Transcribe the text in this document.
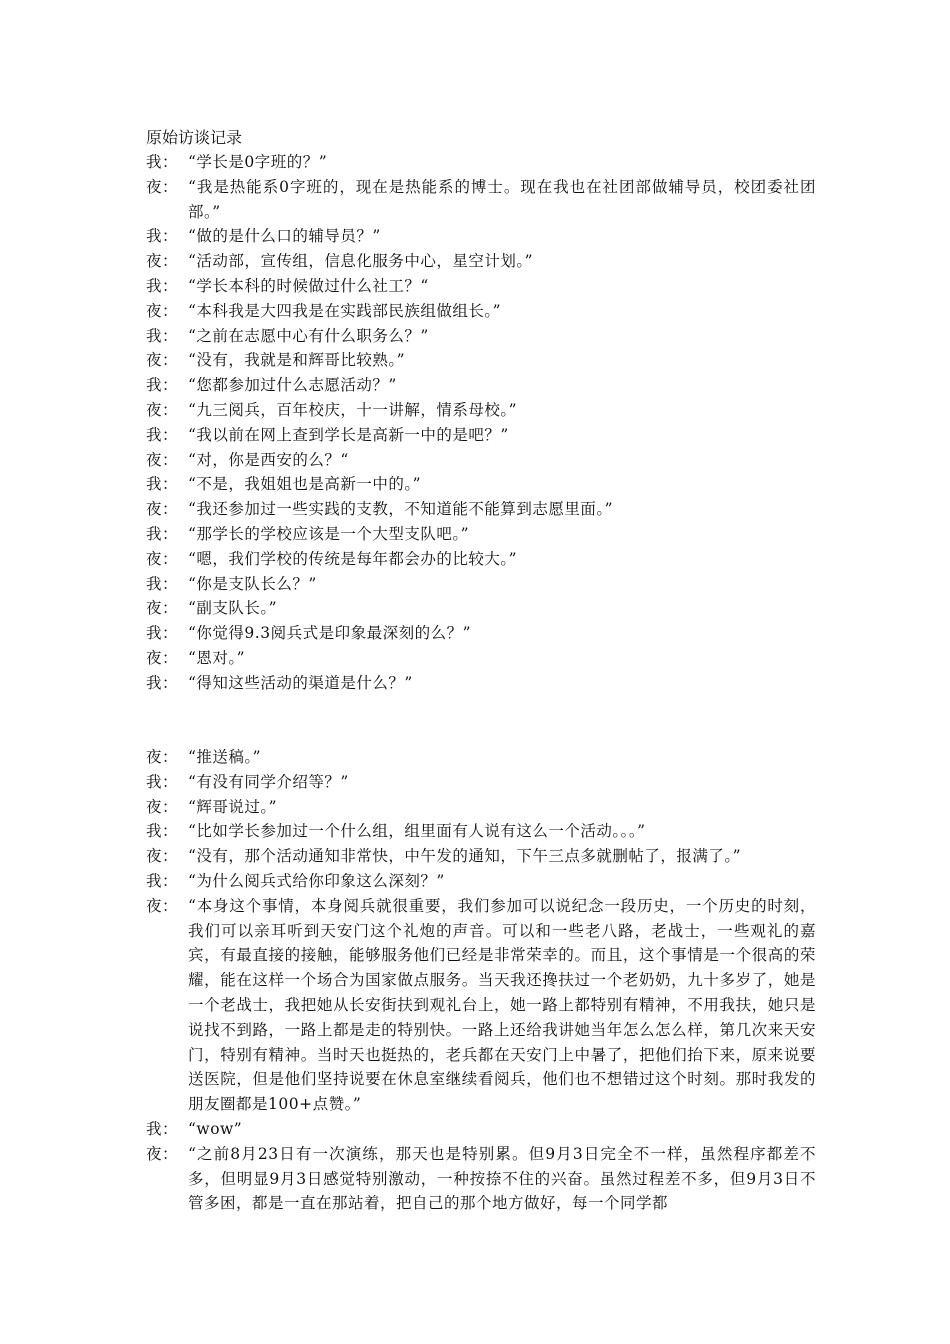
原始访谈记录
我： “学长是0字班的？”
夜： “我是热能系0字班的，现在是热能系的博士。现在我也在社团部做辅导员，校团委社团部。”
我： “做的是什么口的辅导员？”
夜： “活动部，宣传组，信息化服务中心，星空计划。”
我： “学长本科的时候做过什么社工？“
夜： “本科我是大四我是在实践部民族组做组长。”
我： “之前在志愿中心有什么职务么？”
夜： “没有，我就是和辉哥比较熟。”
我： “您都参加过什么志愿活动？”
夜： “九三阅兵，百年校庆，十一讲解，情系母校。”
我： “我以前在网上查到学长是高新一中的是吧？”
夜： “对，你是西安的么？“
我： “不是，我姐姐也是高新一中的。”
夜： “我还参加过一些实践的支教，不知道能不能算到志愿里面。”
我： “那学长的学校应该是一个大型支队吧。”
夜： “嗯，我们学校的传统是每年都会办的比较大。”
我： “你是支队长么？”
夜： “副支队长。”
我： “你觉得9.3阅兵式是印象最深刻的么？”
夜： “恩对。”
我： “得知这些活动的渠道是什么？”
夜： “推送稿。”
我： “有没有同学介绍等？”
夜： “辉哥说过。”
我： “比如学长参加过一个什么组，组里面有人说有这么一个活动。。。”
夜： “没有，那个活动通知非常快，中午发的通知，下午三点多就删帖了，报满了。”
我： “为什么阅兵式给你印象这么深刻？”
夜： “本身这个事情，本身阅兵就很重要，我们参加可以说纪念一段历史，一个历史的时刻，我们可以亲耳听到天安门这个礼炮的声音。可以和一些老八路，老战士，一些观礼的嘉宾，有最直接的接触，能够服务他们已经是非常荣幸的。而且，这个事情是一个很高的荣耀，能在这样一个场合为国家做点服务。当天我还搀扶过一个老奶奶，九十多岁了，她是一个老战士，我把她从长安街扶到观礼台上，她一路上都特别有精神，不用我扶，她只是说找不到路，一路上都是走的特别快。一路上还给我讲她当年怎么怎么样，第几次来天安门，特别有精神。当时天也挺热的，老兵都在天安门上中暑了，把他们抬下来，原来说要送医院，但是他们坚持说要在休息室继续看阅兵，他们也不想错过这个时刻。那时我发的朋友圈都是100+点赞。”
我： “wow”
夜： “之前8月23日有一次演练，那天也是特别累。但9月3日完全不一样，虽然程序都差不多，但明显9月3日感觉特别激动，一种按捺不住的兴奋。虽然过程差不多，但9月3日不管多困，都是一直在那站着，把自己的那个地方做好，每一个同学都
